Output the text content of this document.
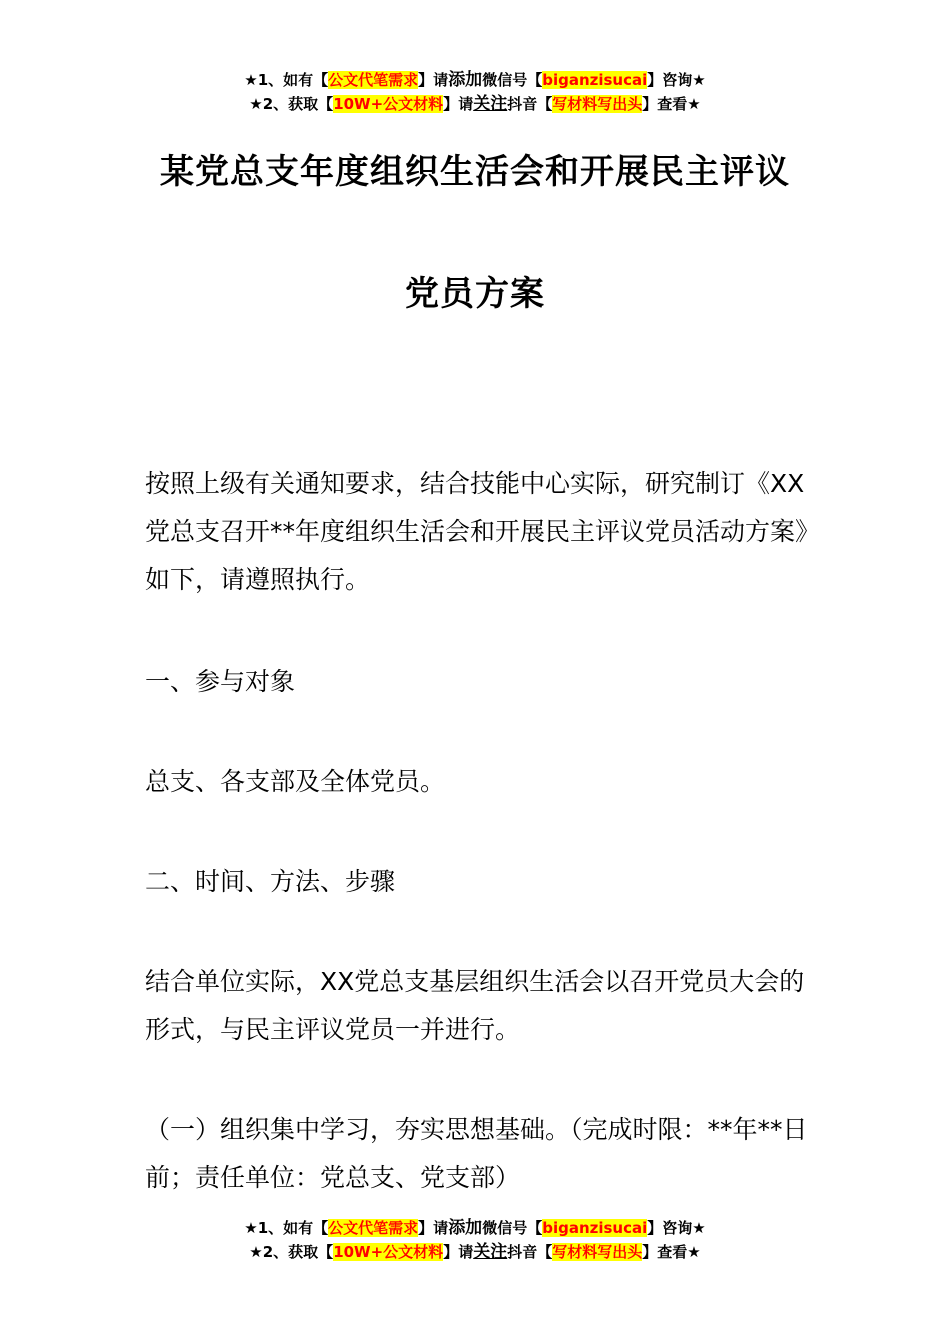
★1、如有【公文代笔需求】请添加微信号【biganzisucai】咨询★
★2、获取【10W+公文材料】请关注抖音【写材料写出头】查看★
某党总支年度组织生活会和开展民主评议
党员方案
按照上级有关通知要求，结合技能中心实际，研究制订《XX党总支召开**年度组织生活会和开展民主评议党员活动方案》如下，请遵照执行。
一、参与对象
总支、各支部及全体党员。
二、时间、方法、步骤
结合单位实际，XX党总支基层组织生活会以召开党员大会的形式，与民主评议党员一并进行。
（一）组织集中学习，夯实思想基础。（完成时限：**年**日前；责任单位：党总支、党支部）
★1、如有【公文代笔需求】请添加微信号【biganzisucai】咨询★
★2、获取【10W+公文材料】请关注抖音【写材料写出头】查看★
